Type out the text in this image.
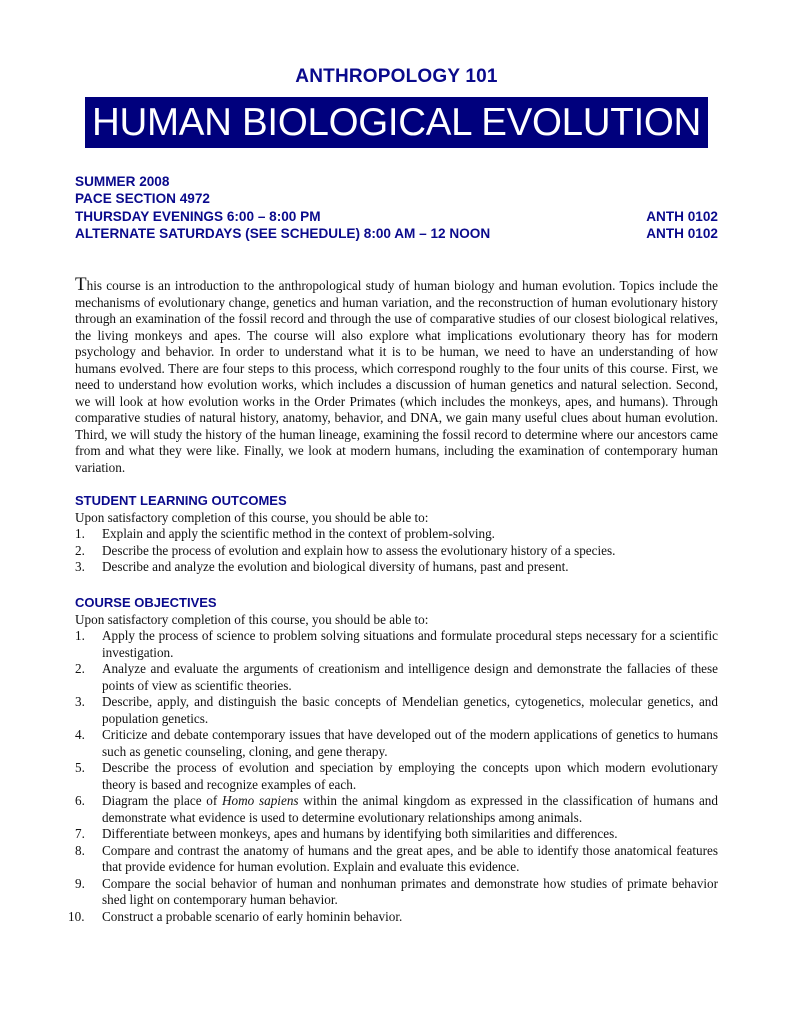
ANTHROPOLOGY 101
HUMAN BIOLOGICAL EVOLUTION
SUMMER 2008
PACE SECTION 4972
THURSDAY EVENINGS 6:00 – 8:00 PM	ANTH 0102
ALTERNATE SATURDAYS (SEE SCHEDULE) 8:00 AM – 12 NOON	ANTH 0102
This course is an introduction to the anthropological study of human biology and human evolution. Topics include the mechanisms of evolutionary change, genetics and human variation, and the reconstruction of human evolutionary history through an examination of the fossil record and through the use of comparative studies of our closest biological relatives, the living monkeys and apes. The course will also explore what implications evolutionary theory has for modern psychology and behavior. In order to understand what it is to be human, we need to have an understanding of how humans evolved. There are four steps to this process, which correspond roughly to the four units of this course. First, we need to understand how evolution works, which includes a discussion of human genetics and natural selection. Second, we will look at how evolution works in the Order Primates (which includes the monkeys, apes, and humans). Through comparative studies of natural history, anatomy, behavior, and DNA, we gain many useful clues about human evolution. Third, we will study the history of the human lineage, examining the fossil record to determine where our ancestors came from and what they were like. Finally, we look at modern humans, including the examination of contemporary human variation.

STUDENT LEARNING OUTCOMES

Upon satisfactory completion of this course, you should be able to:

1.	Explain and apply the scientific method in the context of problem-solving.
2.	Describe the process of evolution and explain how to assess the evolutionary history of a species.
3.	Describe and analyze the evolution and biological diversity of humans, past and present.

COURSE OBJECTIVES

Upon satisfactory completion of this course, you should be able to:

1.	Apply the process of science to problem solving situations and formulate procedural steps necessary for a scientific investigation.
2.	Analyze and evaluate the arguments of creationism and intelligence design and demonstrate the fallacies of these points of view as scientific theories.
3.	Describe, apply, and distinguish the basic concepts of Mendelian genetics, cytogenetics, molecular genetics, and population genetics.
4.	Criticize and debate contemporary issues that have developed out of the modern applications of genetics to humans such as genetic counseling, cloning, and gene therapy.
5.	Describe the process of evolution and speciation by employing the concepts upon which modern evolutionary theory is based and recognize examples of each.
6.	Diagram the place of Homo sapiens within the animal kingdom as expressed in the classification of humans and demonstrate what evidence is used to determine evolutionary relationships among animals.
7.	Differentiate between monkeys, apes and humans by identifying both similarities and differences.
8.	Compare and contrast the anatomy of humans and the great apes, and be able to identify those anatomical features that provide evidence for human evolution. Explain and evaluate this evidence.
9.	Compare the social behavior of human and nonhuman primates and demonstrate how studies of primate behavior shed light on contemporary human behavior.
10.	Construct a probable scenario of early hominin behavior.
